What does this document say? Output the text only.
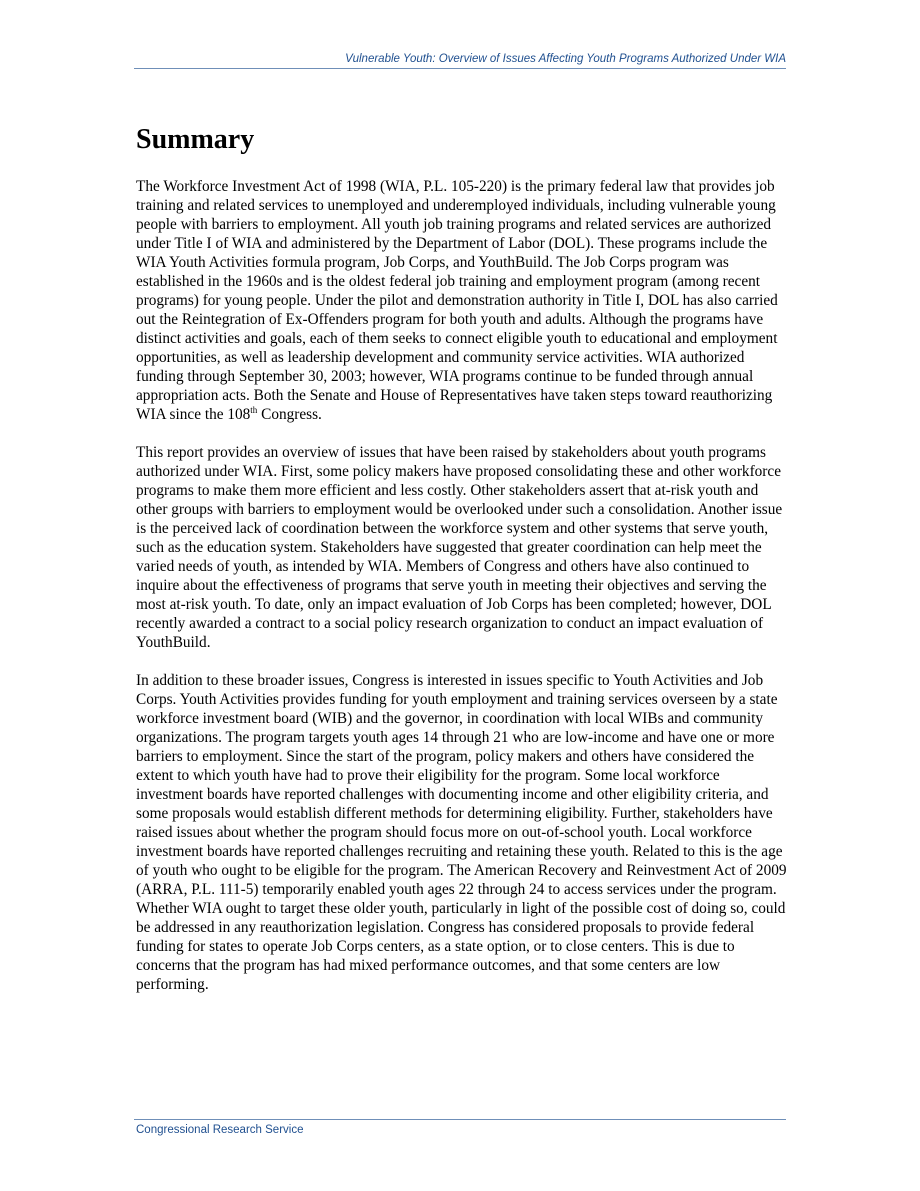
Vulnerable Youth: Overview of Issues Affecting Youth Programs Authorized Under WIA
Summary

The Workforce Investment Act of 1998 (WIA, P.L. 105-220) is the primary federal law that provides job training and related services to unemployed and underemployed individuals, including vulnerable young people with barriers to employment. All youth job training programs and related services are authorized under Title I of WIA and administered by the Department of Labor (DOL). These programs include the WIA Youth Activities formula program, Job Corps, and YouthBuild. The Job Corps program was established in the 1960s and is the oldest federal job training and employment program (among recent programs) for young people. Under the pilot and demonstration authority in Title I, DOL has also carried out the Reintegration of Ex-Offenders program for both youth and adults. Although the programs have distinct activities and goals, each of them seeks to connect eligible youth to educational and employment opportunities, as well as leadership development and community service activities. WIA authorized funding through September 30, 2003; however, WIA programs continue to be funded through annual appropriation acts. Both the Senate and House of Representatives have taken steps toward reauthorizing WIA since the 108th Congress.

This report provides an overview of issues that have been raised by stakeholders about youth programs authorized under WIA. First, some policy makers have proposed consolidating these and other workforce programs to make them more efficient and less costly. Other stakeholders assert that at-risk youth and other groups with barriers to employment would be overlooked under such a consolidation. Another issue is the perceived lack of coordination between the workforce system and other systems that serve youth, such as the education system. Stakeholders have suggested that greater coordination can help meet the varied needs of youth, as intended by WIA. Members of Congress and others have also continued to inquire about the effectiveness of programs that serve youth in meeting their objectives and serving the most at-risk youth. To date, only an impact evaluation of Job Corps has been completed; however, DOL recently awarded a contract to a social policy research organization to conduct an impact evaluation of YouthBuild.

In addition to these broader issues, Congress is interested in issues specific to Youth Activities and Job Corps. Youth Activities provides funding for youth employment and training services overseen by a state workforce investment board (WIB) and the governor, in coordination with local WIBs and community organizations. The program targets youth ages 14 through 21 who are low-income and have one or more barriers to employment. Since the start of the program, policy makers and others have considered the extent to which youth have had to prove their eligibility for the program. Some local workforce investment boards have reported challenges with documenting income and other eligibility criteria, and some proposals would establish different methods for determining eligibility. Further, stakeholders have raised issues about whether the program should focus more on out-of-school youth. Local workforce investment boards have reported challenges recruiting and retaining these youth. Related to this is the age of youth who ought to be eligible for the program. The American Recovery and Reinvestment Act of 2009 (ARRA, P.L. 111-5) temporarily enabled youth ages 22 through 24 to access services under the program. Whether WIA ought to target these older youth, particularly in light of the possible cost of doing so, could be addressed in any reauthorization legislation. Congress has considered proposals to provide federal funding for states to operate Job Corps centers, as a state option, or to close centers. This is due to concerns that the program has had mixed performance outcomes, and that some centers are low performing.

Congressional Research Service
